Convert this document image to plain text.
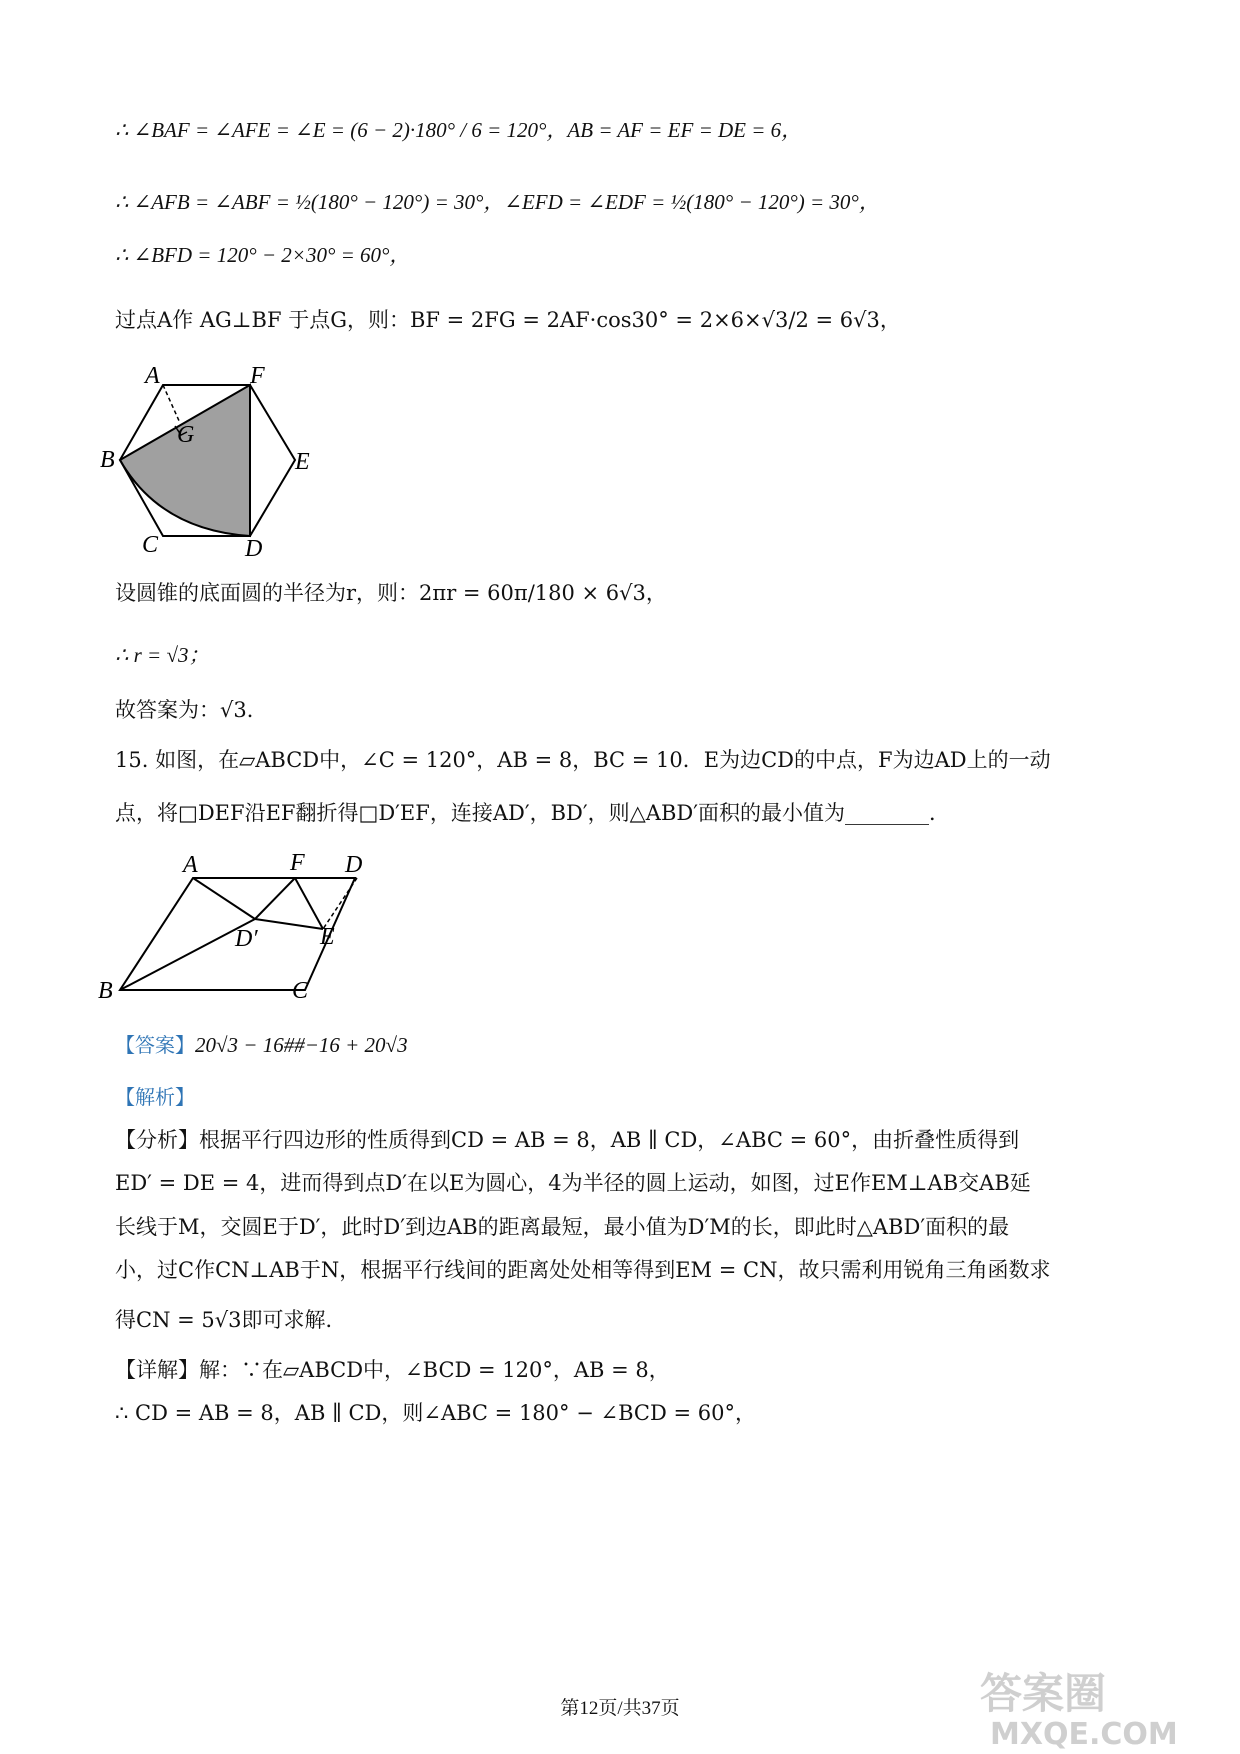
∴ ∠BAF = ∠AFE = ∠E = (6 − 2)·180° / 6 = 120°，AB = AF = EF = DE = 6，
∴ ∠AFB = ∠ABF = ½(180° − 120°) = 30°，∠EFD = ∠EDF = ½(180° − 120°) = 30°，
∴ ∠BFD = 120° − 2×30° = 60°，
过点A作 AG⊥BF 于点G，则：BF = 2FG = 2AF·cos30° = 2×6×√3/2 = 6√3，
A	F
G
B	E
C	D
设圆锥的底面圆的半径为r，则：2πr = 60π/180 × 6√3，
∴ r = √3；
故答案为：√3．
15. 如图，在▱ABCD中，∠C = 120°，AB = 8，BC = 10．E为边CD的中点，F为边AD上的一动
点，将□DEF沿EF翻折得□D′EF，连接AD′，BD′，则△ABD′面积的最小值为________．
A	F D
D′	E
B	C
【答案】20√3 − 16##−16 + 20√3
【解析】
【分析】根据平行四边形的性质得到CD = AB = 8，AB ∥ CD，∠ABC = 60°，由折叠性质得到
ED′ = DE = 4，进而得到点D′在以E为圆心，4为半径的圆上运动，如图，过E作EM⊥AB交AB延
长线于M，交圆E于D′，此时D′到边AB的距离最短，最小值为D′M的长，即此时△ABD′面积的最
小，过C作CN⊥AB于N，根据平行线间的距离处处相等得到EM = CN，故只需利用锐角三角函数求
得CN = 5√3即可求解．
【详解】解：∵在▱ABCD中，∠BCD = 120°，AB = 8，
∴ CD = AB = 8，AB ∥ CD，则∠ABC = 180° − ∠BCD = 60°，
第12页/共37页	答案圈
MXQE.COM
